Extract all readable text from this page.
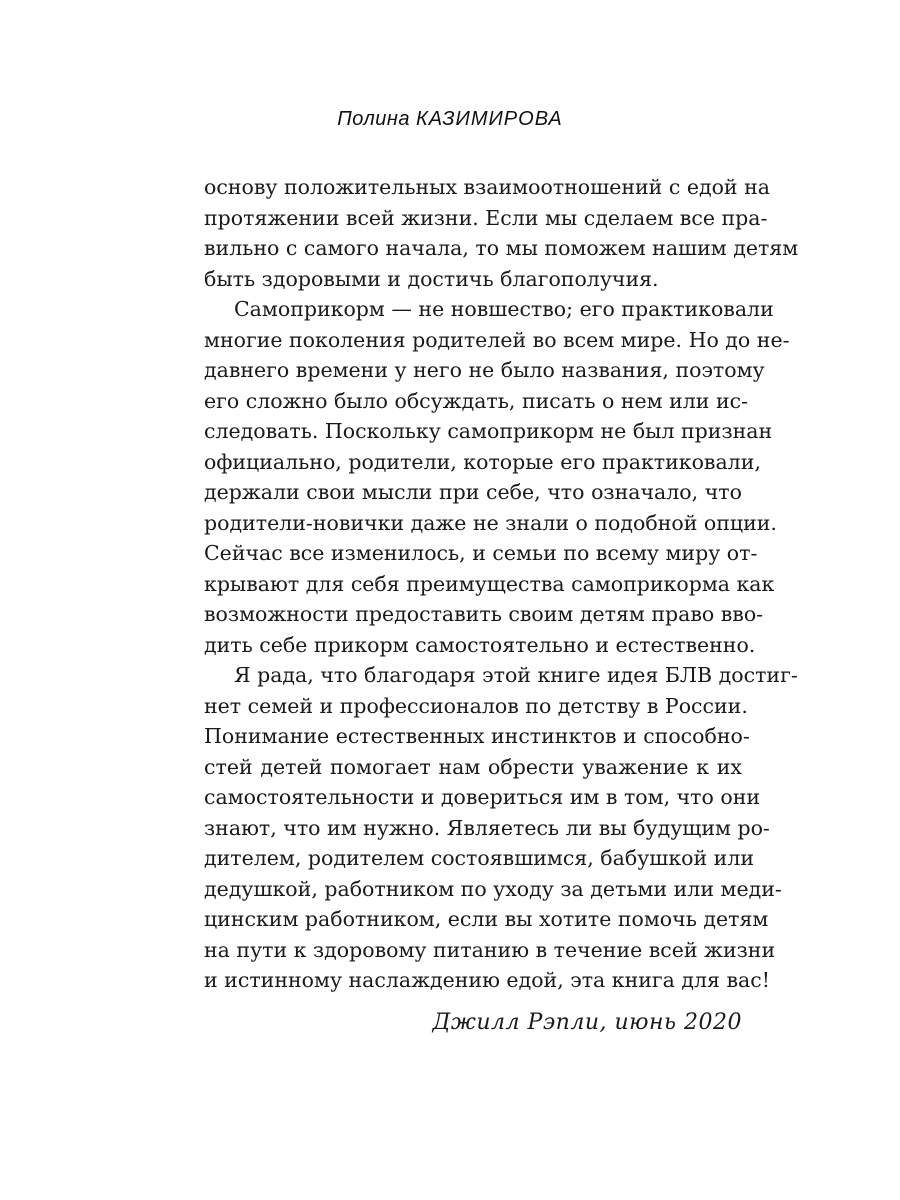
Полина КАЗИМИРОВА
основу положительных взаимоотношений с едой на
протяжении всей жизни. Если мы сделаем все пра-
вильно с самого начала, то мы поможем нашим детям
быть здоровыми и достичь благополучия.
Самоприкорм — не новшество; его практиковали
многие поколения родителей во всем мире. Но до не-
давнего времени у него не было названия, поэтому
его сложно было обсуждать, писать о нем или ис-
следовать. Поскольку самоприкорм не был признан
официально, родители, которые его практиковали,
держали свои мысли при себе, что означало, что
родители-новички даже не знали о подобной опции.
Сейчас все изменилось, и семьи по всему миру от-
крывают для себя преимущества самоприкорма как
возможности предоставить своим детям право вво-
дить себе прикорм самостоятельно и естественно.
Я рада, что благодаря этой книге идея БЛВ достиг-
нет семей и профессионалов по детству в России.
Понимание естественных инстинктов и способно-
стей детей помогает нам обрести уважение к их
самостоятельности и довериться им в том, что они
знают, что им нужно. Являетесь ли вы будущим ро-
дителем, родителем состоявшимся, бабушкой или
дедушкой, работником по уходу за детьми или меди-
цинским работником, если вы хотите помочь детям
на пути к здоровому питанию в течение всей жизни
и истинному наслаждению едой, эта книга для вас!
Джилл Рэпли, июнь 2020
